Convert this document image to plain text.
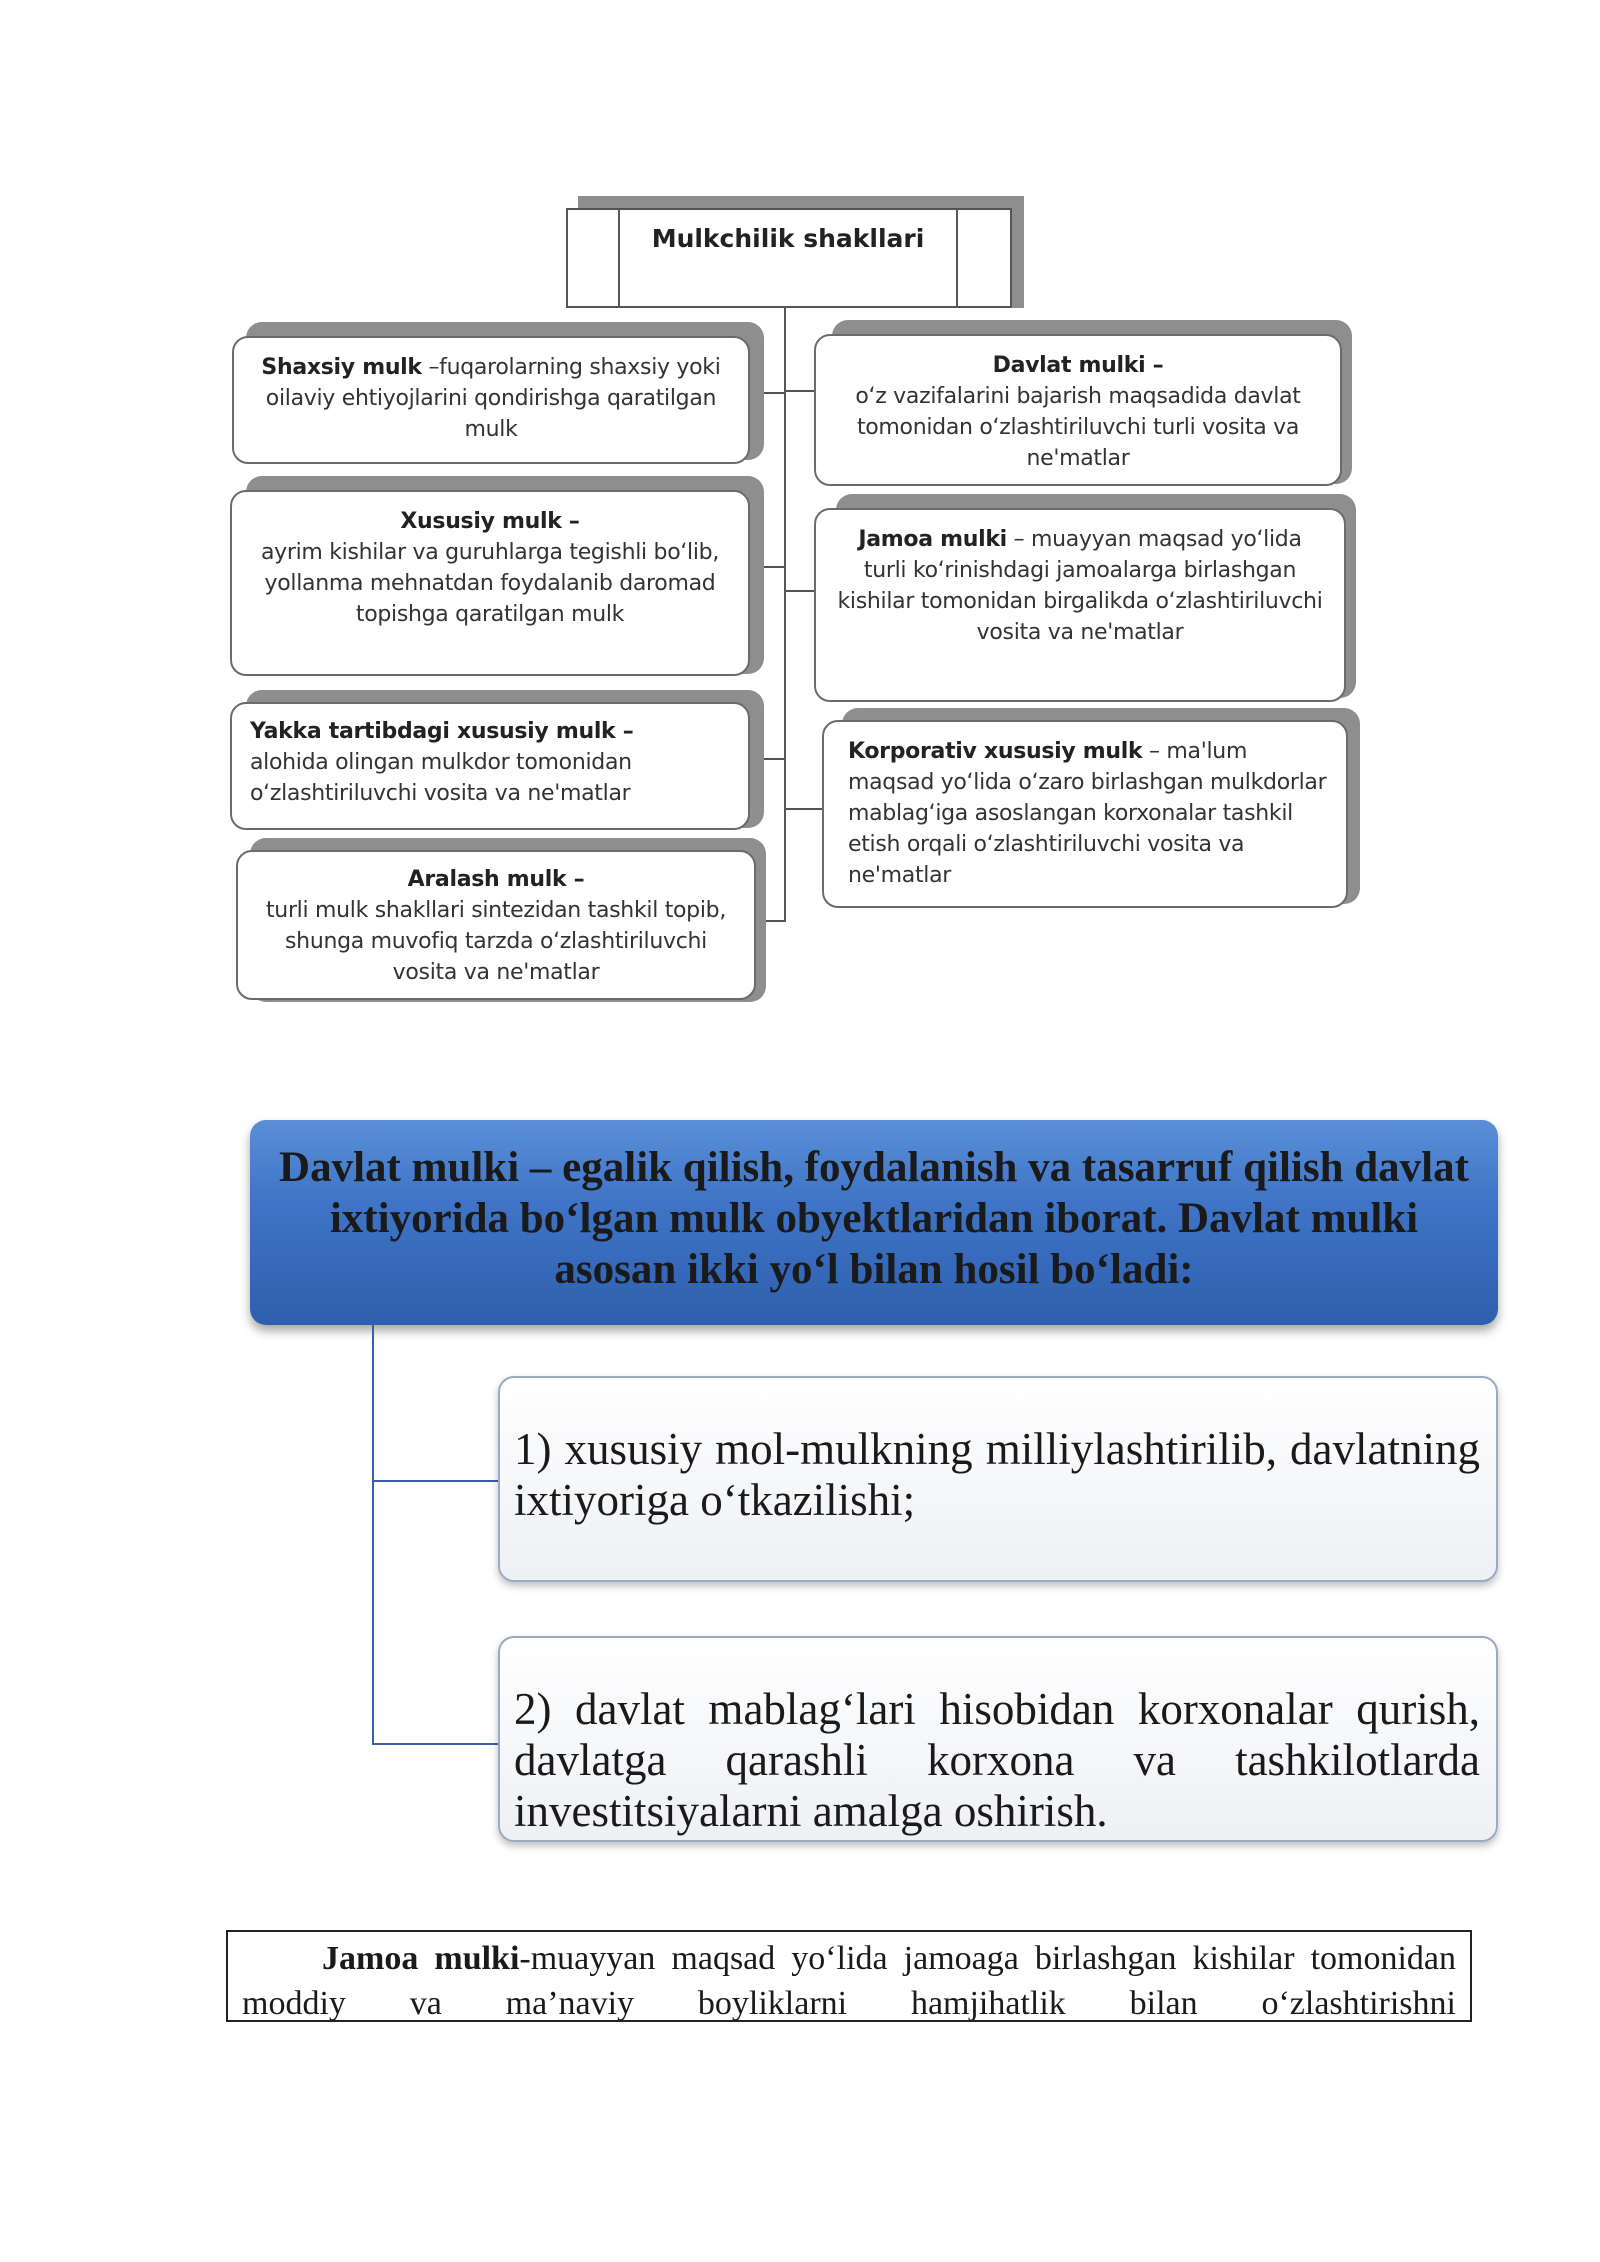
Mulkchilik shakllari
Shaxsiy mulk –fuqarolarning shaxsiy yoki oilaviy ehtiyojlarini qondirishga qaratilgan mulk
Xususiy mulk –
ayrim kishilar va guruhlarga tegishli bo‘lib, yollanma mehnatdan foydalanib daromad topishga qaratilgan mulk
Yakka tartibdagi xususiy mulk –
alohida olingan mulkdor tomonidan o‘zlashtiriluvchi vosita va ne'matlar
Aralash mulk –
turli mulk shakllari sintezidan tashkil topib, shunga muvofiq tarzda o‘zlashtiriluvchi vosita va ne'matlar
Davlat mulki –
o‘z vazifalarini bajarish maqsadida davlat tomonidan o‘zlashtiriluvchi turli vosita va ne'matlar
Jamoa mulki – muayyan maqsad yo‘lida turli ko‘rinishdagi jamoalarga birlashgan kishilar tomonidan birgalikda o‘zlashtiriluvchi vosita va ne'matlar
Korporativ xususiy mulk – ma'lum maqsad yo‘lida o‘zaro birlashgan mulkdorlar mablag‘iga asoslangan korxonalar tashkil etish orqali o‘zlashtiriluvchi vosita va ne'matlar
Davlat mulki – egalik qilish, foydalanish va tasarruf qilish davlat ixtiyorida bo‘lgan mulk obyektlaridan iborat. Davlat mulki asosan ikki yo‘l bilan hosil bo‘ladi:
1) xususiy mol-mulkning milliylashtirilib, davlatning ixtiyoriga o‘tkazilishi;
2) davlat mablag‘lari hisobidan korxonalar qurish, davlatga qarashli korxona va tashkilotlarda investitsiyalarni amalga oshirish.
Jamoa mulki-muayyan maqsad yo‘lida jamoaga birlashgan kishilar tomonidan moddiy va ma’naviy boyliklarni hamjihatlik bilan o‘zlashtirishni
